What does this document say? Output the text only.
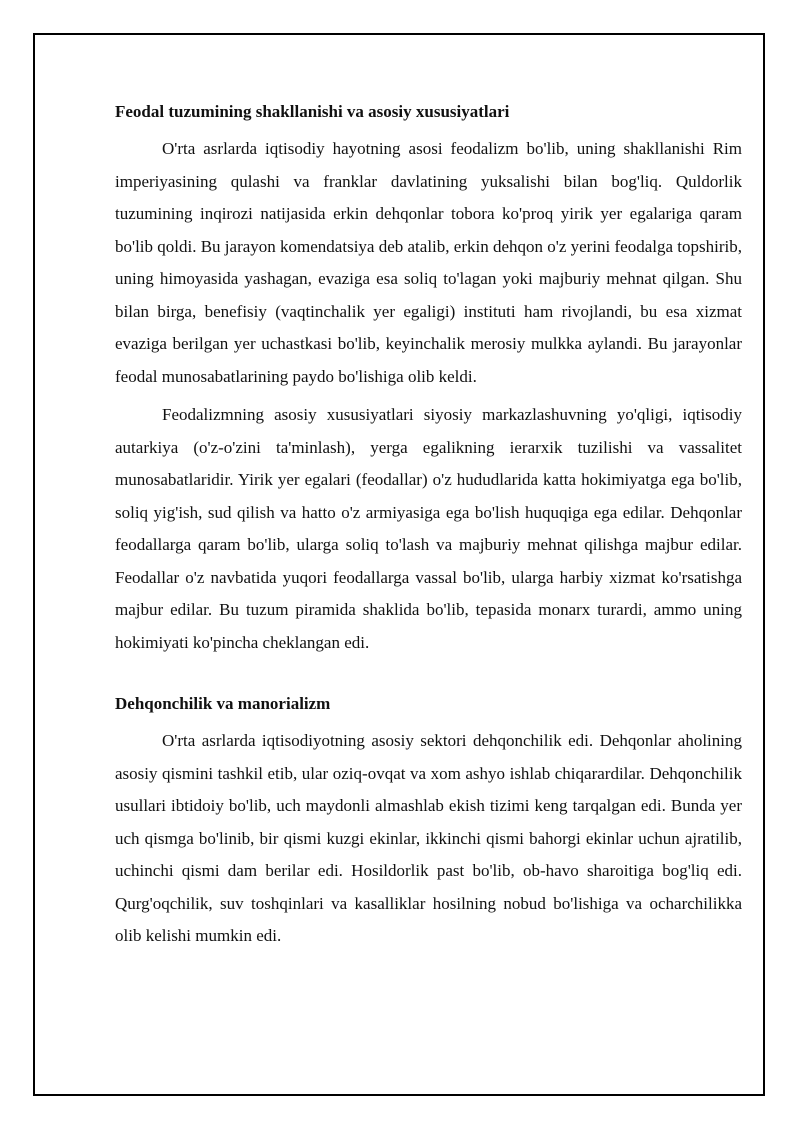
Feodal tuzumining shakllanishi va asosiy xususiyatlari

O'rta asrlarda iqtisodiy hayotning asosi feodalizm bo'lib, uning shakllanishi Rim imperiyasining qulashi va franklar davlatining yuksalishi bilan bog'liq. Quldorlik tuzumining inqirozi natijasida erkin dehqonlar tobora ko'proq yirik yer egalariga qaram bo'lib qoldi. Bu jarayon komendatsiya deb atalib, erkin dehqon o'z yerini feodalga topshirib, uning himoyasida yashagan, evaziga esa soliq to'lagan yoki majburiy mehnat qilgan. Shu bilan birga, benefisiy (vaqtinchalik yer egaligi) instituti ham rivojlandi, bu esa xizmat evaziga berilgan yer uchastkasi bo'lib, keyinchalik merosiy mulkka aylandi. Bu jarayonlar feodal munosabatlarining paydo bo'lishiga olib keldi.

Feodalizmning asosiy xususiyatlari siyosiy markazlashuvning yo'qligi, iqtisodiy autarkiya (o'z-o'zini ta'minlash), yerga egalikning ierarxik tuzilishi va vassalitet munosabatlaridir. Yirik yer egalari (feodallar) o'z hududlarida katta hokimiyatga ega bo'lib, soliq yig'ish, sud qilish va hatto o'z armiyasiga ega bo'lish huquqiga ega edilar. Dehqonlar feodallarga qaram bo'lib, ularga soliq to'lash va majburiy mehnat qilishga majbur edilar. Feodallar o'z navbatida yuqori feodallarga vassal bo'lib, ularga harbiy xizmat ko'rsatishga majbur edilar. Bu tuzum piramida shaklida bo'lib, tepasida monarx turardi, ammo uning hokimiyati ko'pincha cheklangan edi.

Dehqonchilik va manorializm

O'rta asrlarda iqtisodiyotning asosiy sektori dehqonchilik edi. Dehqonlar aholining asosiy qismini tashkil etib, ular oziq-ovqat va xom ashyo ishlab chiqarardilar. Dehqonchilik usullari ibtidoiy bo'lib, uch maydonli almashlab ekish tizimi keng tarqalgan edi. Bunda yer uch qismga bo'linib, bir qismi kuzgi ekinlar, ikkinchi qismi bahorgi ekinlar uchun ajratilib, uchinchi qismi dam berilar edi. Hosildorlik past bo'lib, ob-havo sharoitiga bog'liq edi. Qurg'oqchilik, suv toshqinlari va kasalliklar hosilning nobud bo'lishiga va ocharchilikka olib kelishi mumkin edi.
